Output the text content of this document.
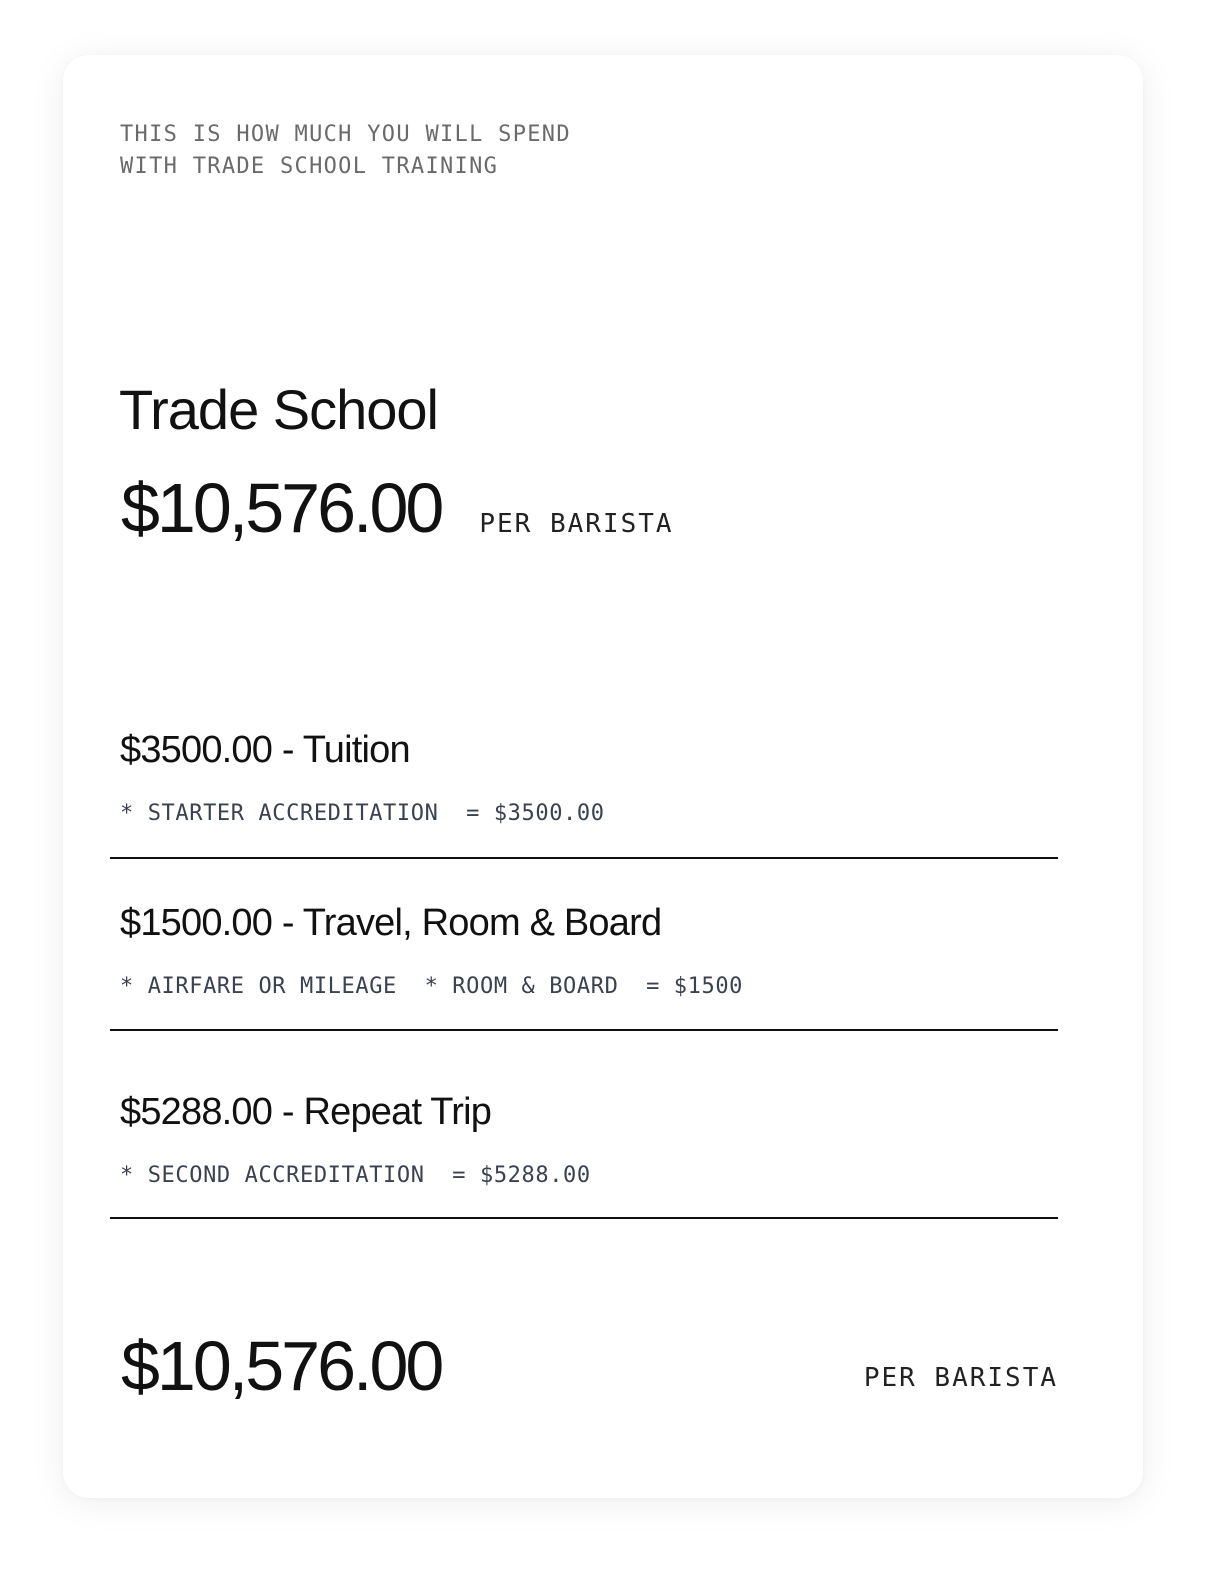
THIS IS HOW MUCH YOU WILL SPEND
WITH TRADE SCHOOL TRAINING

Trade School
$10,576.00 PER BARISTA
$3500.00 - Tuition
* STARTER ACCREDITATION  = $3500.00
$1500.00 - Travel, Room & Board
* AIRFARE OR MILEAGE  * ROOM & BOARD  = $1500
$5288.00 - Repeat Trip
* SECOND ACCREDITATION  = $5288.00
$10,576.00	PER BARISTA
